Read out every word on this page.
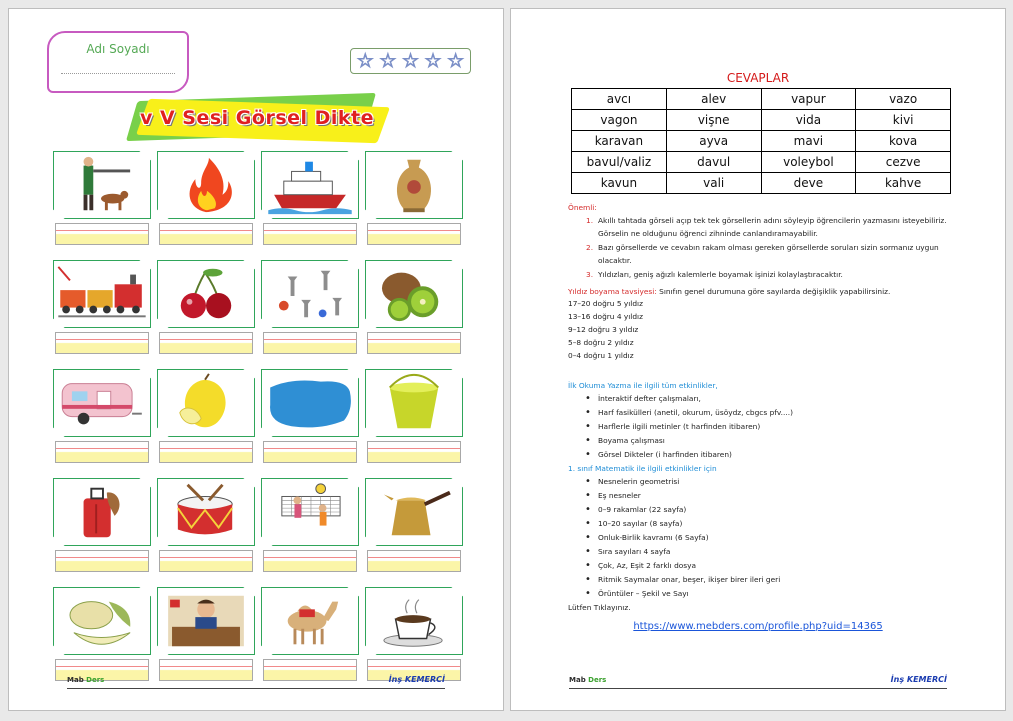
Adı Soyadı
☆ ☆ ☆ ☆ ☆
v V Sesi Görsel Dikte
Mab Ders	İnş KEMERCİ
CEVAPLAR
avcı	alev	vapur	vazo
vagon	vişne	vida	kivi
karavan	ayva	mavi	kova
bavul/valiz	davul	voleybol	cezve
kavun	vali	deve	kahve
Önemli:
1. Akıllı tahtada görseli açıp tek tek görsellerin adını söyleyip öğrencilerin yazmasını isteyebiliriz. Görselin ne olduğunu öğrenci zihninde canlandıramayabilir.
2. Bazı görsellerde ve cevabın rakam olması gereken görsellerde soruları sizin sormanız uygun olacaktır.
3. Yıldızları, geniş ağızlı kalemlerle boyamak işinizi kolaylaştıracaktır.
Yıldız boyama tavsiyesi: Sınıfın genel durumuna göre sayılarda değişiklik yapabilirsiniz.
17–20 doğru 5 yıldız
13–16 doğru 4 yıldız
9–12 doğru 3 yıldız
5–8 doğru 2 yıldız
0–4 doğru 1 yıldız
İlk Okuma Yazma ile ilgili tüm etkinlikler,
• İnteraktif defter çalışmaları,
• Harf fasikülleri (anetil, okurum, üsöydz, cbgcs pfv....)
• Harflerle ilgili metinler (t harfinden itibaren)
• Boyama çalışması
• Görsel Dikteler (i harfinden itibaren)
1. sınıf Matematik ile ilgili etkinlikler için
• Nesnelerin geometrisi
• Eş nesneler
• 0–9 rakamlar (22 sayfa)
• 10–20 sayılar (8 sayfa)
• Onluk-Birlik kavramı (6 Sayfa)
• Sıra sayıları 4 sayfa
• Çok, Az, Eşit 2 farklı dosya
• Ritmik Saymalar onar, beşer, ikişer birer ileri geri
• Örüntüler – Şekil ve Sayı
Lütfen Tıklayınız.
https://www.mebders.com/profile.php?uid=14365
Mab Ders	İnş KEMERCİ
